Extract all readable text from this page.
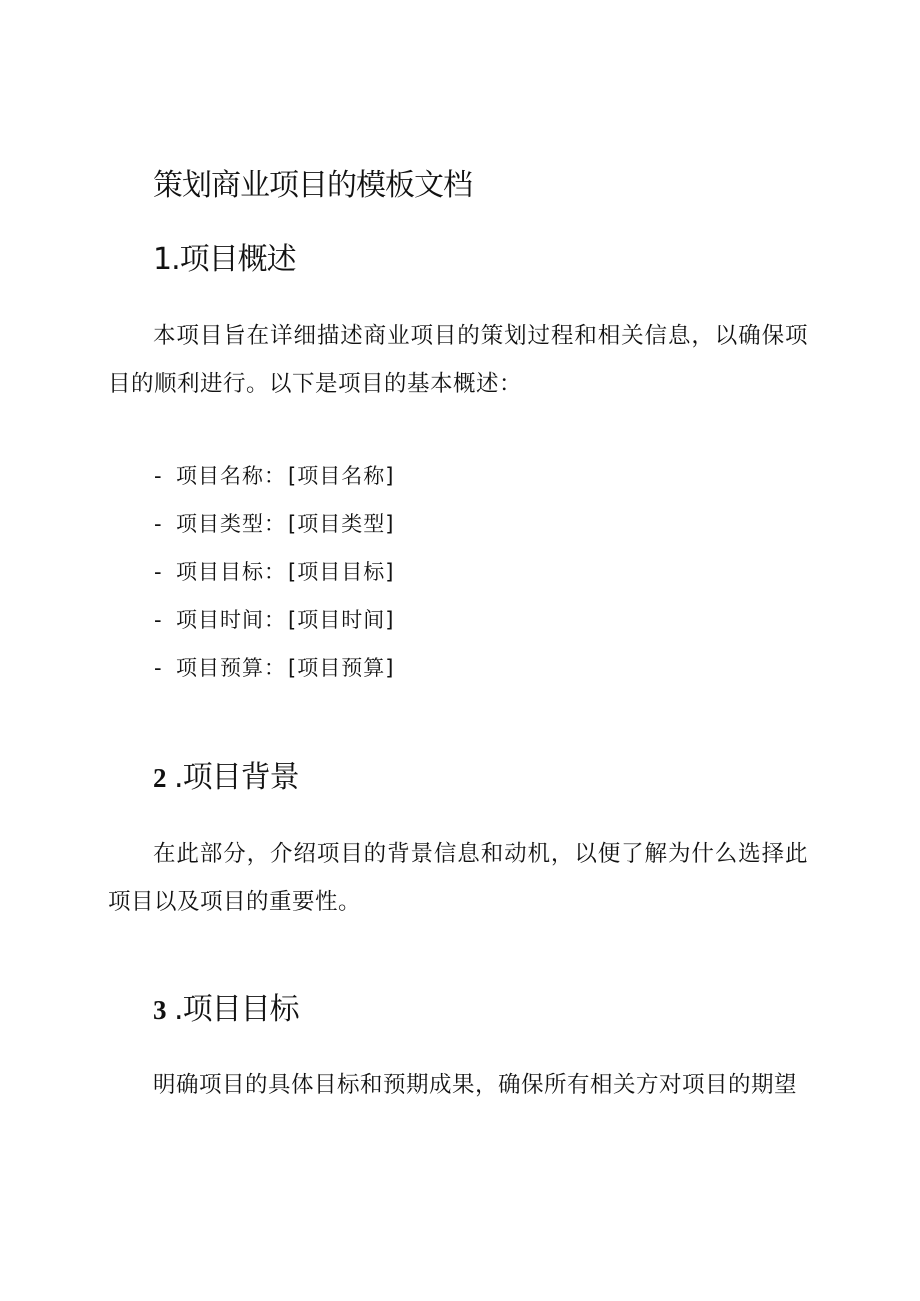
策划商业项目的模板文档
1.项目概述
本项目旨在详细描述商业项目的策划过程和相关信息，以确保项目的顺利进行。以下是项目的基本概述：
- 项目名称：[项目名称]
- 项目类型：[项目类型]
- 项目目标：[项目目标]
- 项目时间：[项目时间]
- 项目预算：[项目预算]
2 .项目背景
在此部分，介绍项目的背景信息和动机，以便了解为什么选择此项目以及项目的重要性。
3 .项目目标
明确项目的具体目标和预期成果，确保所有相关方对项目的期望
